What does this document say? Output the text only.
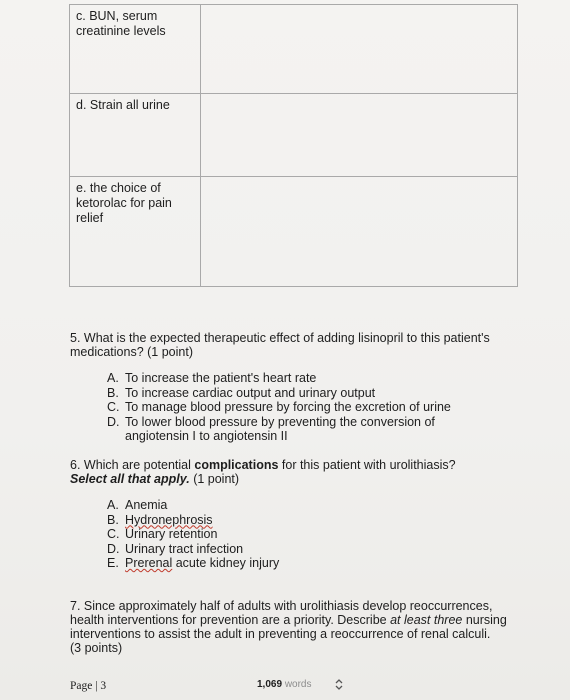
c. BUN, serum creatinine levels	
d. Strain all urine	
e. the choice of ketorolac for pain relief	
5. What is the expected therapeutic effect of adding lisinopril to this patient's
medications? (1 point)
A. To increase the patient's heart rate
B. To increase cardiac output and urinary output
C. To manage blood pressure by forcing the excretion of urine
D. To lower blood pressure by preventing the conversion of angiotensin I to angiotensin II
6. Which are potential complications for this patient with urolithiasis?
Select all that apply. (1 point)
A. Anemia
B. Hydronephrosis
C. Urinary retention
D. Urinary tract infection
E. Prerenal acute kidney injury
7. Since approximately half of adults with urolithiasis develop reoccurrences,
health interventions for prevention are a priority. Describe at least three nursing
interventions to assist the adult in preventing a reoccurrence of renal calculi.
(3 points)
Page | 3	1,069 words
